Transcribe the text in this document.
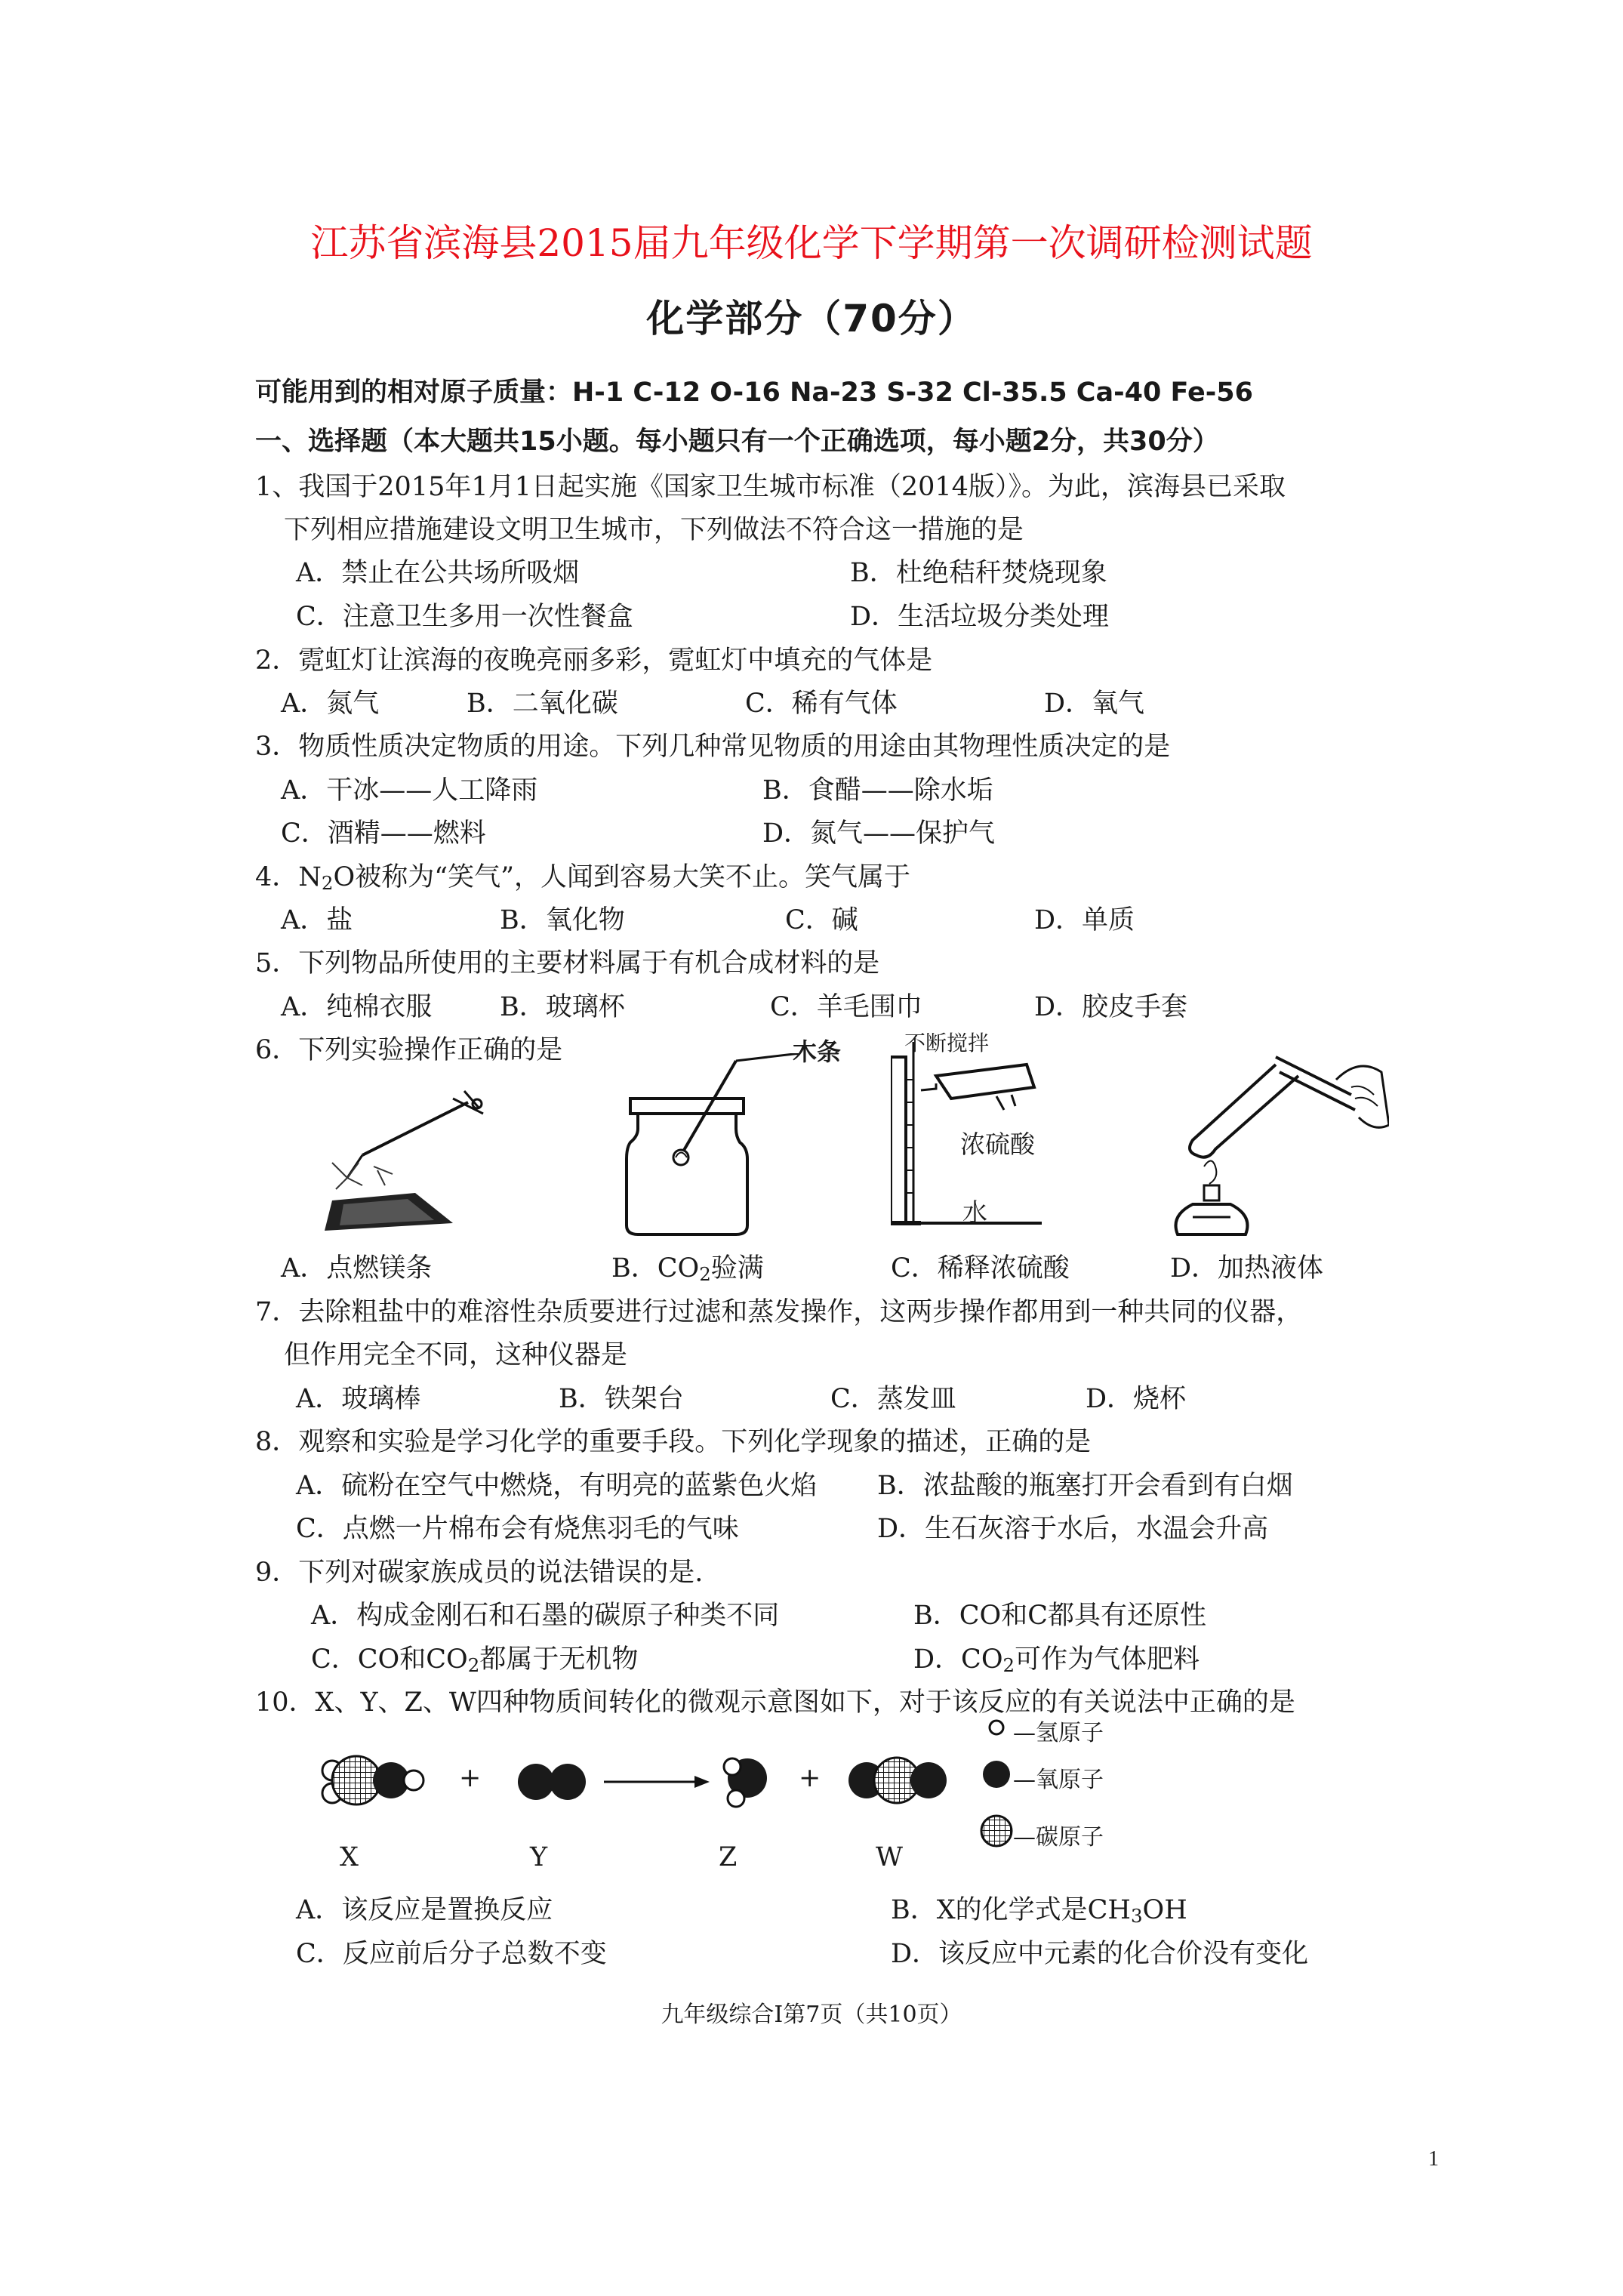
江苏省滨海县2015届九年级化学下学期第一次调研检测试题
化学部分（70分）
可能用到的相对原子质量：H-1 C-12 O-16 Na-23 S-32 Cl-35.5 Ca-40 Fe-56
一、选择题（本大题共15小题。每小题只有一个正确选项，每小题2分，共30分）
1、我国于2015年1月1日起实施《国家卫生城市标准（2014版）》。为此，滨海县已采取
下列相应措施建设文明卫生城市，下列做法不符合这一措施的是
A．禁止在公共场所吸烟	B．杜绝秸秆焚烧现象
C．注意卫生多用一次性餐盒	D．生活垃圾分类处理
2．霓虹灯让滨海的夜晚亮丽多彩，霓虹灯中填充的气体是
A．氮气	B．二氧化碳	C．稀有气体	D．氧气
3．物质性质决定物质的用途。下列几种常见物质的用途由其物理性质决定的是
A．干冰——人工降雨	B．食醋——除水垢
C．酒精——燃料	D．氮气——保护气
4．$N_2O$被称为“笑气”，人闻到容易大笑不止。笑气属于
A．盐	B．氧化物	C．碱	D．单质
5．下列物品所使用的主要材料属于有机合成材料的是
A．纯棉衣服	B．玻璃杯	C．羊毛围巾	D．胶皮手套
6．下列实验操作正确的是	木条	不断搅拌
浓硫酸
水
A．点燃镁条	B．$CO_2$验满	C．稀释浓硫酸	D．加热液体
7．去除粗盐中的难溶性杂质要进行过滤和蒸发操作，这两步操作都用到一种共同的仪器，
但作用完全不同，这种仪器是
A．玻璃棒	B．铁架台	C．蒸发皿	D．烧杯
8．观察和实验是学习化学的重要手段。下列化学现象的描述，正确的是
A．硫粉在空气中燃烧，有明亮的蓝紫色火焰 B．浓盐酸的瓶塞打开会看到有白烟
C．点燃一片棉布会有烧焦羽毛的气味	D．生石灰溶于水后，水温会升高
9．下列对碳家族成员的说法错误的是.
A．构成金刚石和石墨的碳原子种类不同	B．CO和C都具有还原性
C．CO和$CO_2$都属于无机物	D．$CO_2$可作为气体肥料
10．X、Y、Z、W四种物质间转化的微观示意图如下，对于该反应的有关说法中正确的是
+	+
—氢原子
—氧原子
—碳原子
X	Y	Z	W
A．该反应是置换反应	B．X的化学式是$CH_3OH$
C．反应前后分子总数不变	D．该反应中元素的化合价没有变化
九年级综合Ⅰ第7页（共10页）
1
